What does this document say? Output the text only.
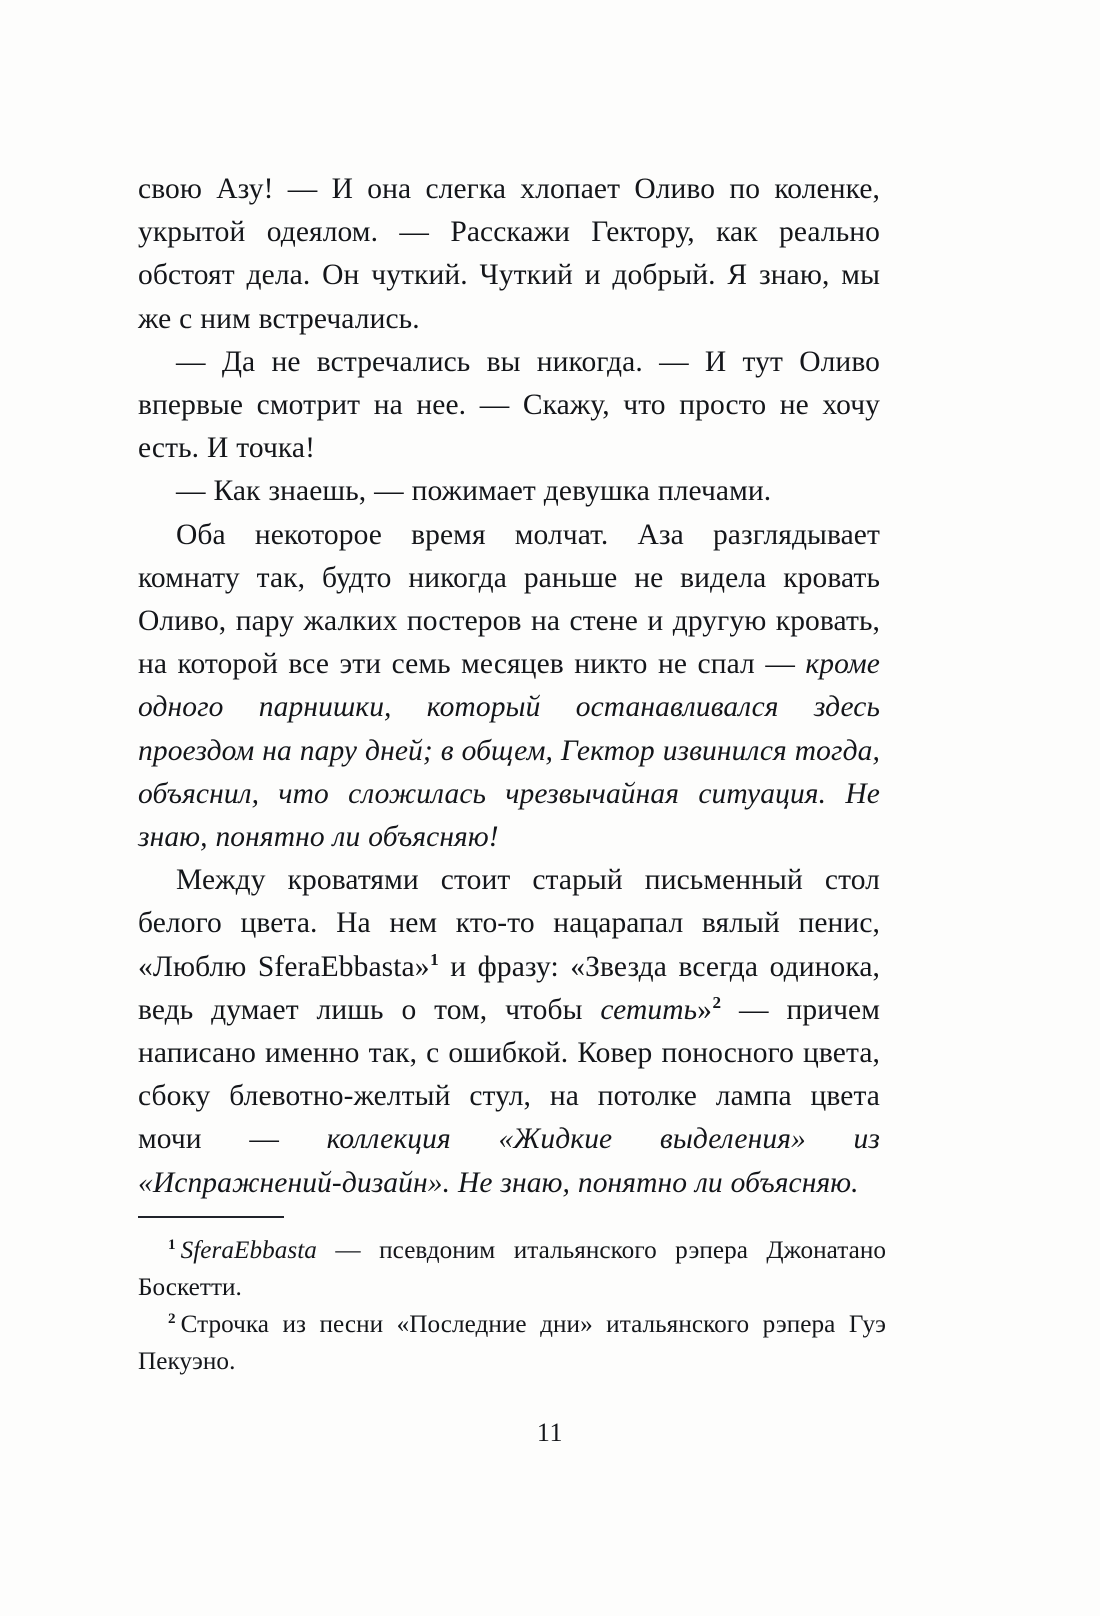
свою Азу! — И она слегка хлопает Оливо по коленке, укрытой одеялом. — Расскажи Гектору, как реально обстоят дела. Он чуткий. Чуткий и добрый. Я знаю, мы же с ним встречались.

— Да не встречались вы никогда. — И тут Оливо впервые смотрит на нее. — Скажу, что просто не хочу есть. И точка!

— Как знаешь, — пожимает девушка плечами.

Оба некоторое время молчат. Аза разглядывает комнату так, будто никогда раньше не видела кровать Оливо, пару жалких постеров на стене и другую кровать, на которой все эти семь месяцев никто не спал — кроме одного парнишки, который останавливался здесь проездом на пару дней; в общем, Гектор извинился тогда, объяснил, что сложилась чрезвычайная ситуация. Не знаю, понятно ли объясняю!

Между кроватями стоит старый письменный стол белого цвета. На нем кто-то нацарапал вялый пенис, «Люблю SferaEbbasta»$^1$ и фразу: «Звезда всегда одинока, ведь думает лишь о том, чтобы сетить»$^2$ — причем написано именно так, с ошибкой. Ковер поносного цвета, сбоку блевотно-желтый стул, на потолке лампа цвета мочи — коллекция «Жидкие выделения» из «Испражнений-дизайн». Не знаю, понятно ли объясняю.

$^1$ SferaEbbasta — псевдоним итальянского рэпера Джонатано Боскетти.

$^2$ Строчка из песни «Последние дни» итальянского рэпера Гуэ Пекуэно.

11
